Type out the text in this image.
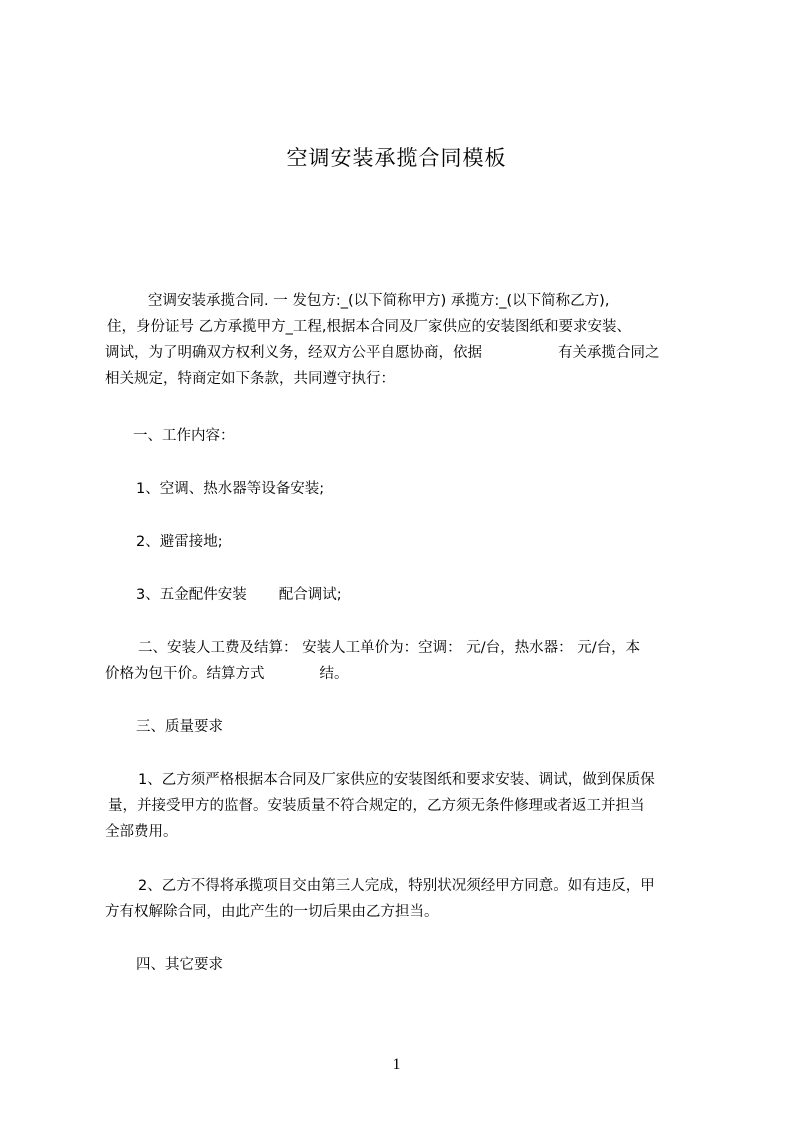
空调安装承揽合同模板
空调安装承揽合同. 一 发包方:_(以下简称甲方) 承揽方:_(以下简称乙方),
住，身份证号 乙方承揽甲方_工程,根据本合同及厂家供应的安装图纸和要求安装、
调试，为了明确双方权利义务，经双方公平自愿协商，依据	有关承揽合同之
相关规定，特商定如下条款，共同遵守执行：
一、工作内容：
1、空调、热水器等设备安装;
2、避雷接地;
3、五金配件安装 配合调试;
二、安装人工费及结算： 安装人工单价为：空调： 元/台，热水器： 元/台，本
价格为包干价。结算方式	结。
三、质量要求
1、乙方须严格根据本合同及厂家供应的安装图纸和要求安装、调试，做到保质保
量，并接受甲方的监督。安装质量不符合规定的，乙方须无条件修理或者返工并担当
全部费用。
2、乙方不得将承揽项目交由第三人完成，特别状况须经甲方同意。如有违反，甲
方有权解除合同，由此产生的一切后果由乙方担当。
四、其它要求
1
